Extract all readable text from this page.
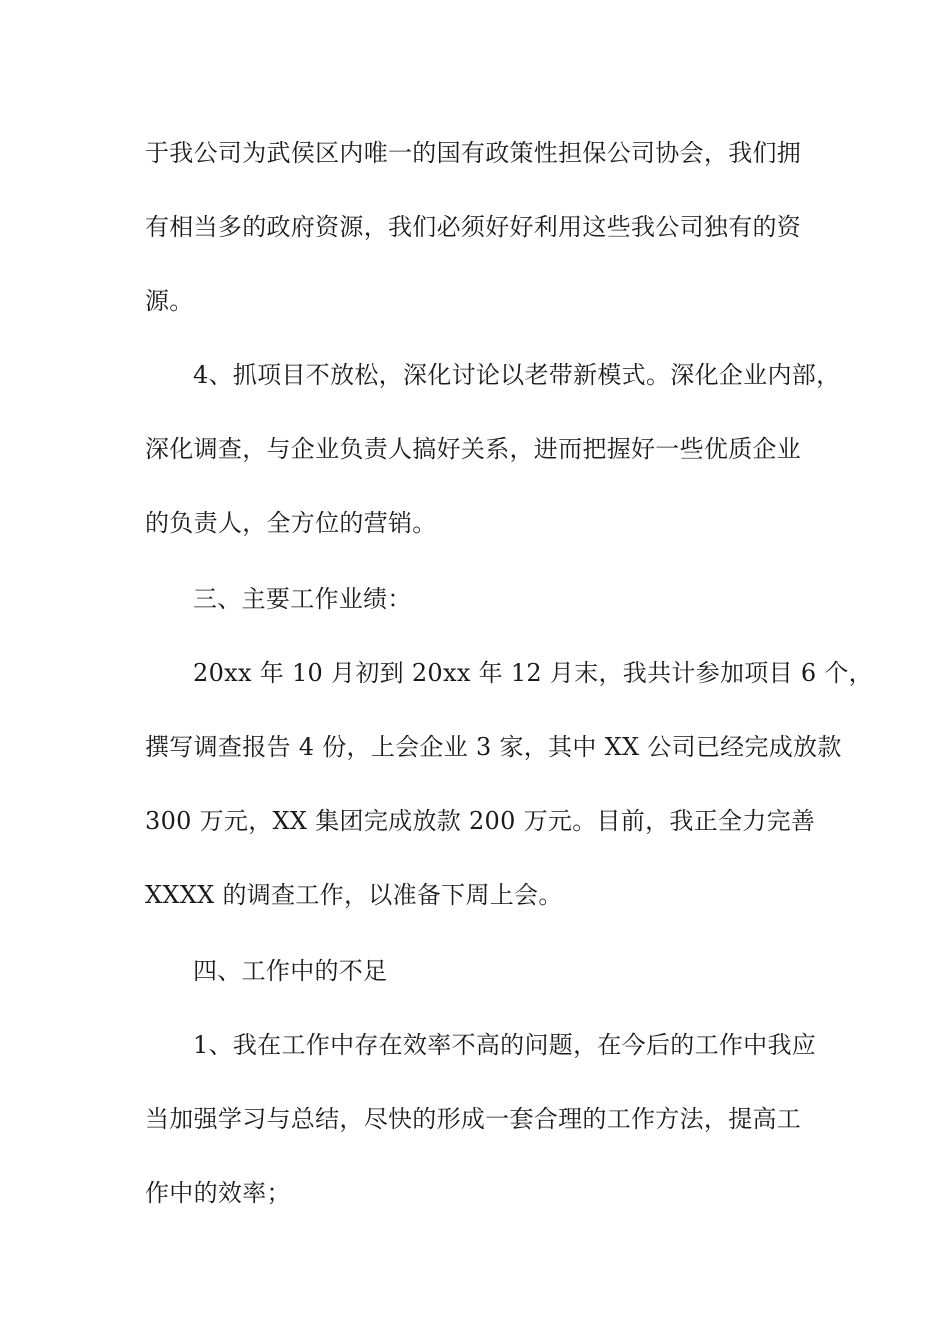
于我公司为武侯区内唯一的国有政策性担保公司协会，我们拥

有相当多的政府资源，我们必须好好利用这些我公司独有的资

源。

4、抓项目不放松，深化讨论以老带新模式。深化企业内部，

深化调查，与企业负责人搞好关系，进而把握好一些优质企业

的负责人，全方位的营销。

三、主要工作业绩：

20xx 年 10 月初到 20xx 年 12 月末，我共计参加项目 6 个，

撰写调查报告 4 份，上会企业 3 家，其中 XX 公司已经完成放款

300 万元，XX 集团完成放款 200 万元。目前，我正全力完善

XXXX 的调查工作，以准备下周上会。

四、工作中的不足

1、我在工作中存在效率不高的问题，在今后的工作中我应

当加强学习与总结，尽快的形成一套合理的工作方法，提高工

作中的效率；
